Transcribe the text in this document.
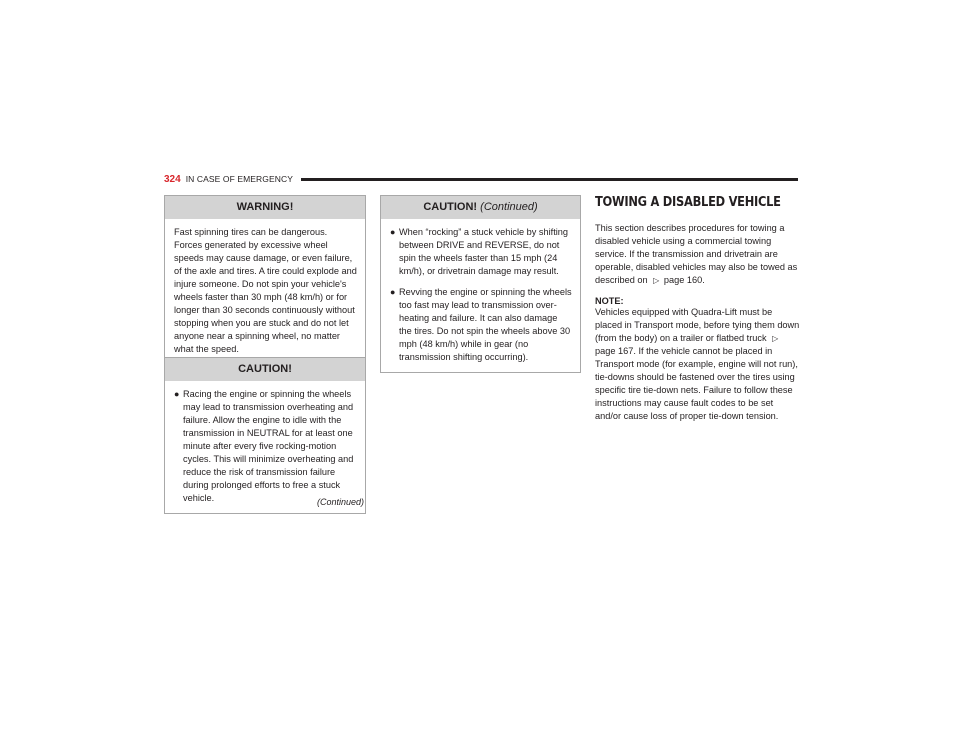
324 IN CASE OF EMERGENCY
WARNING!
Fast spinning tires can be dangerous. Forces generated by excessive wheel speeds may cause damage, or even failure, of the axle and tires. A tire could explode and injure someone. Do not spin your vehicle's wheels faster than 30 mph (48 km/h) or for longer than 30 seconds continuously without stopping when you are stuck and do not let anyone near a spinning wheel, no matter what the speed.
CAUTION!
● Racing the engine or spinning the wheels may lead to transmission overheating and failure. Allow the engine to idle with the transmission in NEUTRAL for at least one minute after every five rocking-motion cycles. This will minimize overheating and reduce the risk of transmission failure during prolonged efforts to free a stuck vehicle.	(Continued)
CAUTION! (Continued)
● When “rocking” a stuck vehicle by shifting between DRIVE and REVERSE, do not spin the wheels faster than 15 mph (24 km/h), or drivetrain damage may result.
● Revving the engine or spinning the wheels too fast may lead to transmission over-heating and failure. It can also damage the tires. Do not spin the wheels above 30 mph (48 km/h) while in gear (no transmission shifting occurring).
TOWING A DISABLED VEHICLE
This section describes procedures for towing a disabled vehicle using a commercial towing service. If the transmission and drivetrain are operable, disabled vehicles may also be towed as described on ▷ page 160.
NOTE:
Vehicles equipped with Quadra-Lift must be placed in Transport mode, before tying them down (from the body) on a trailer or flatbed truck ▷ page 167. If the vehicle cannot be placed in Transport mode (for example, engine will not run), tie-downs should be fastened over the tires using specific tire tie-down nets. Failure to follow these instructions may cause fault codes to be set and/or cause loss of proper tie-down tension.
